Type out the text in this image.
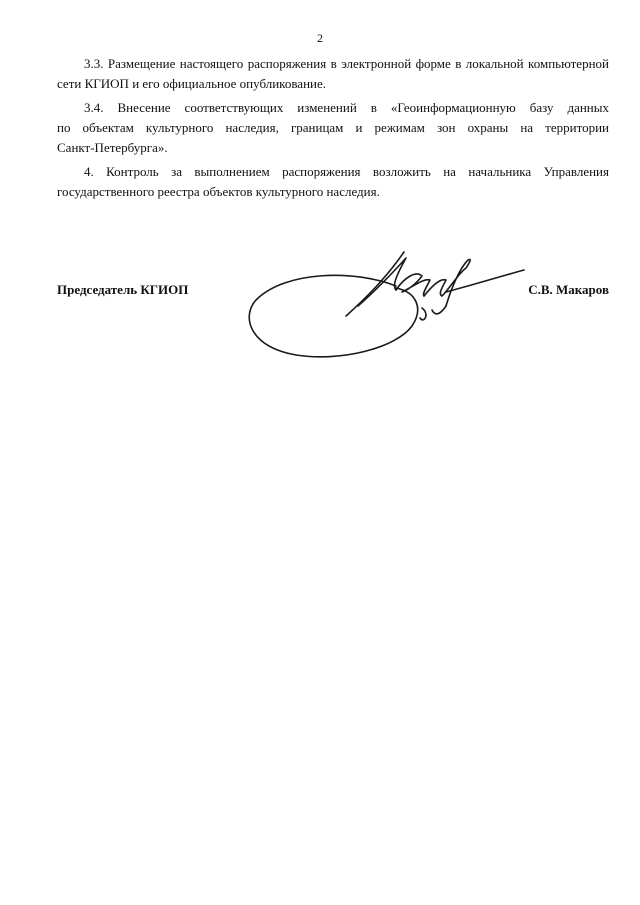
2

3.3. Размещение настоящего распоряжения в электронной форме в локальной компьютерной
сети КГИОП и его официальное опубликование.

3.4. Внесение соответствующих изменений в «Геоинформационную базу данных
по объектам культурного наследия, границам и режимам зон охраны на территории
Санкт-Петербурга».

4. Контроль за выполнением распоряжения возложить на начальника Управления
государственного реестра объектов культурного наследия.

Председатель КГИОП	С.В. Макаров
